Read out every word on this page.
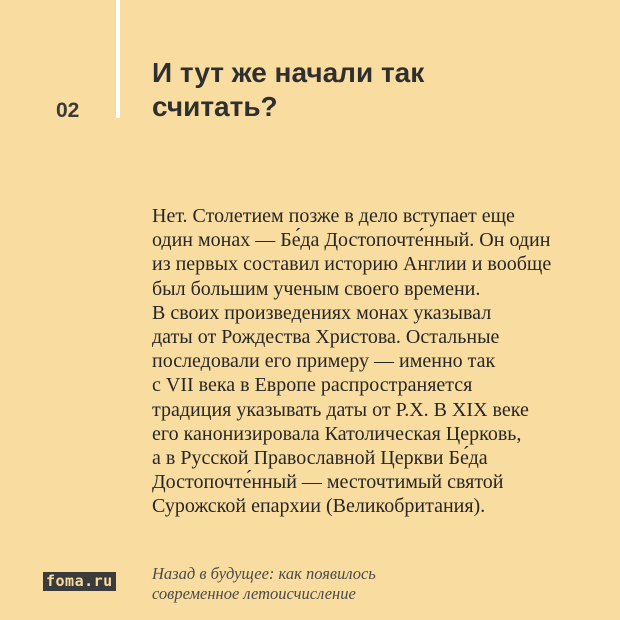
02
И тут же начали так
считать?
Нет. Столетием позже в дело вступает еще
один монах — Бе́да Достопочте́нный. Он один
из первых составил историю Англии и вообще
был большим ученым своего времени.
В своих произведениях монах указывал
даты от Рождества Христова. Остальные
последовали его примеру — именно так
с VII века в Европе распространяется
традиция указывать даты от Р.Х. В XIX веке
его канонизировала Католическая Церковь,
а в Русской Православной Церкви Бе́да
Достопочте́нный — месточтимый святой
Сурожской епархии (Великобритания).
foma.ru Назад в будущее: как появилось
современное летоисчисление
